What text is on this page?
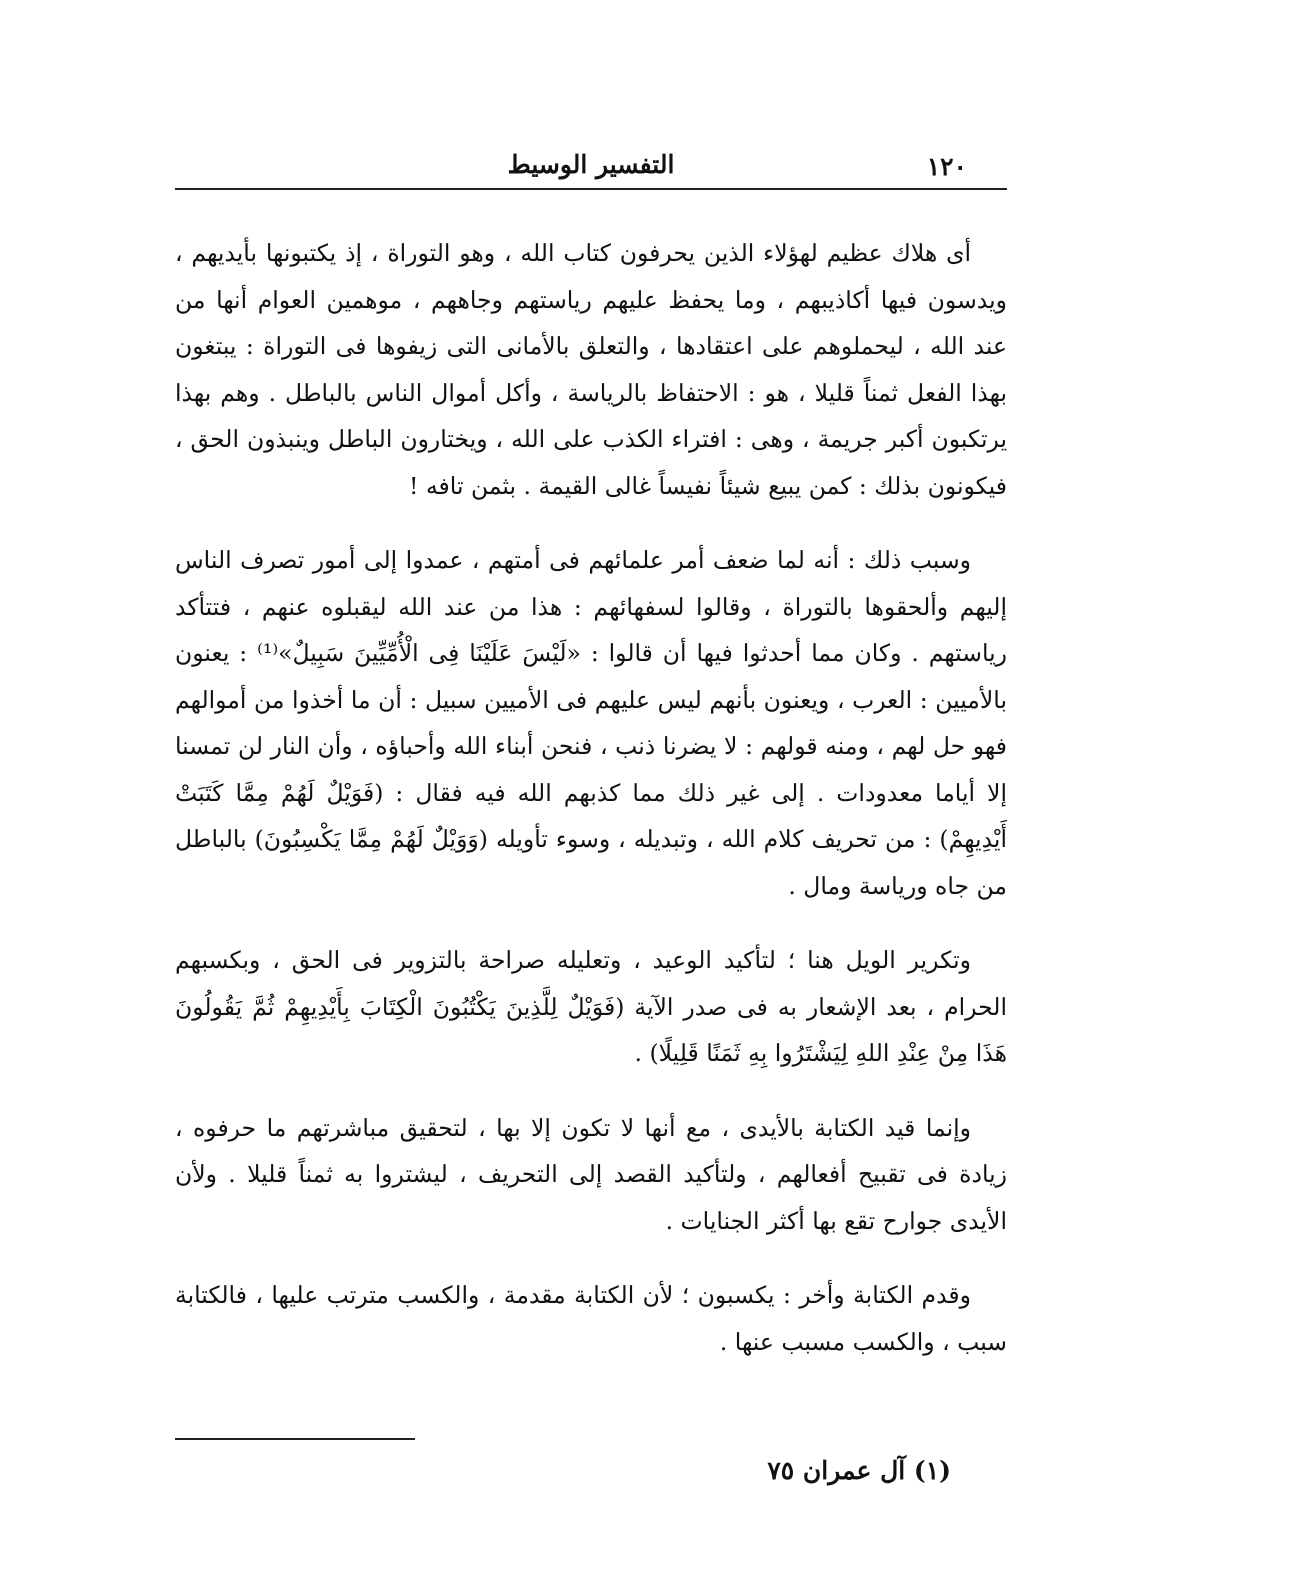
١٢٠
التفسير الوسيط

أى هلاك عظيم لهؤلاء الذين يحرفون كتاب الله ، وهو التوراة ، إذ يكتبونها بأيديهم ، ويدسون فيها أكاذيبهم ، وما يحفظ عليهم رياستهم وجاههم ، موهمين العوام أنها من عند الله ، ليحملوهم على اعتقادها ، والتعلق بالأمانى التى زيفوها فى التوراة : يبتغون بهذا الفعل ثمناً قليلا ، هو : الاحتفاظ بالرياسة ، وأكل أموال الناس بالباطل . وهم بهذا يرتكبون أكبر جريمة ، وهى : افتراء الكذب على الله ، ويختارون الباطل وينبذون الحق ، فيكونون بذلك : كمن يبيع شيئاً نفيساً غالى القيمة . بثمن تافه !

وسبب ذلك : أنه لما ضعف أمر علمائهم فى أمتهم ، عمدوا إلى أمور تصرف الناس إليهم وألحقوها بالتوراة ، وقالوا لسفهائهم : هذا من عند الله ليقبلوه عنهم ، فتتأكد رياستهم . وكان مما أحدثوا فيها أن قالوا : «لَيْسَ عَلَيْنَا فِى الْأُمِّيِّينَ سَبِيلٌ»⁽¹⁾ : يعنون بالأميين : العرب ، ويعنون بأنهم ليس عليهم فى الأميين سبيل : أن ما أخذوا من أموالهم فهو حل لهم ، ومنه قولهم : لا يضرنا ذنب ، فنحن أبناء الله وأحباؤه ، وأن النار لن تمسنا إلا أياما معدودات . إلى غير ذلك مما كذبهم الله فيه فقال : (فَوَيْلٌ لَهُمْ مِمَّا كَتَبَتْ أَيْدِيهِمْ) : من تحريف كلام الله ، وتبديله ، وسوء تأويله (وَوَيْلٌ لَهُمْ مِمَّا يَكْسِبُونَ) بالباطل من جاه ورياسة ومال .

وتكرير الويل هنا ؛ لتأكيد الوعيد ، وتعليله صراحة بالتزوير فى الحق ، وبكسبهم الحرام ، بعد الإشعار به فى صدر الآية (فَوَيْلٌ لِلَّذِينَ يَكْتُبُونَ الْكِتَابَ بِأَيْدِيهِمْ ثُمَّ يَقُولُونَ هَذَا مِنْ عِنْدِ اللهِ لِيَشْتَرُوا بِهِ ثَمَنًا قَلِيلًا) .

وإنما قيد الكتابة بالأيدى ، مع أنها لا تكون إلا بها ، لتحقيق مباشرتهم ما حرفوه ، زيادة فى تقبيح أفعالهم ، ولتأكيد القصد إلى التحريف ، ليشتروا به ثمناً قليلا . ولأن الأيدى جوارح تقع بها أكثر الجنايات .

وقدم الكتابة وأخر : يكسبون ؛ لأن الكتابة مقدمة ، والكسب مترتب عليها ، فالكتابة سبب ، والكسب مسبب عنها .

(١) آل عمران ٧٥
